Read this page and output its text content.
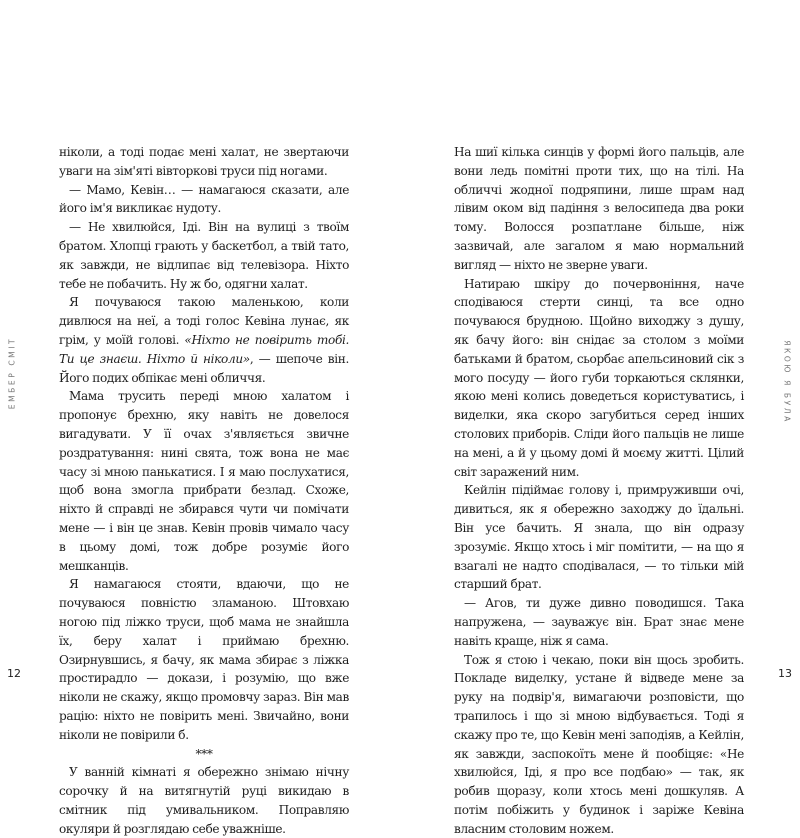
ЕМБЕР СМІТ

ніколи, а тоді подає мені халат, не звертаючи уваги на зім'яті вівторкові труси під ногами.

— Мамо, Кевін… — намагаюся сказати, але його ім'я викликає нудоту.

— Не хвилюйся, Іді. Він на вулиці з твоїм братом. Хлопці грають у баскетбол, а твій тато, як завжди, не відлипає від телевізора. Ніхто тебе не побачить. Ну ж бо, одягни халат.

Я почуваюся такою маленькою, коли дивлюся на неї, а тоді голос Кевіна лунає, як грім, у моїй голові. «Ніхто не повірить тобі. Ти це знаєш. Ніхто й ніколи», — шепоче він. Його подих обпікає мені обличчя.

Мама трусить переді мною халатом і пропонує брехню, яку навіть не довелося вигадувати. У її очах з'являється звичне роздратування: нині свята, тож вона не має часу зі мною панькатися. І я маю послухатися, щоб вона змогла прибрати безлад. Схоже, ніхто й справді не збирався чути чи помічати мене — і він це знав. Кевін провів чимало часу в цьому домі, тож добре розуміє його мешканців.

Я намагаюся стояти, вдаючи, що не почуваюся повністю зламаною. Штовхаю ногою під ліжко труси, щоб мама не знайшла їх, беру халат і приймаю брехню. Озирнувшись, я бачу, як мама збирає з ліжка простирадло — докази, і розумію, що вже ніколи не скажу, якщо промовчу зараз. Він мав рацію: ніхто не повірить мені. Звичайно, вони ніколи не повірили б.

***

У ванній кімнаті я обережно знімаю нічну сорочку й на витягнутій руці викидаю в смітник під умивальником. Поправляю окуляри й розглядаю себе уважніше.

12
ЯКОЮ Я БУЛА

На шиї кілька синців у формі його пальців, але вони ледь помітні проти тих, що на тілі. На обличчі жодної подряпини, лише шрам над лівим оком від падіння з велосипеда два роки тому. Волосся розпатлане більше, ніж зазвичай, але загалом я маю нормальний вигляд — ніхто не зверне уваги.

Натираю шкіру до почервоніння, наче сподіваюся стерти синці, та все одно почуваюся брудною. Щойно виходжу з душу, як бачу його: він снідає за столом з моїми батьками й братом, сьорбає апельсиновий сік з мого посуду — його губи торкаються склянки, якою мені колись доведеться користуватись, і виделки, яка скоро загубиться серед інших столових приборів. Сліди його пальців не лише на мені, а й у цьому домі й моєму житті. Цілий світ заражений ним.

Кейлін підіймає голову і, примруживши очі, дивиться, як я обережно заходжу до їдальні. Він усе бачить. Я знала, що він одразу зрозуміє. Якщо хтось і міг помітити, — на що я взагалі не надто сподівалася, — то тільки мій старший брат.

— Агов, ти дуже дивно поводишся. Така напружена, — зауважує він. Брат знає мене навіть краще, ніж я сама.

Тож я стою і чекаю, поки він щось зробить. Покладе виделку, устане й відведе мене за руку на подвір'я, вимагаючи розповісти, що трапилось і що зі мною відбувається. Тоді я скажу про те, що Кевін мені заподіяв, а Кейлін, як завжди, заспокоїть мене й пообіцяє: «Не хвилюйся, Іді, я про все подбаю» — так, як робив щоразу, коли хтось мені дошкуляв. А потім побіжить у будинок і заріже Кевіна власним столовим ножем.

13
